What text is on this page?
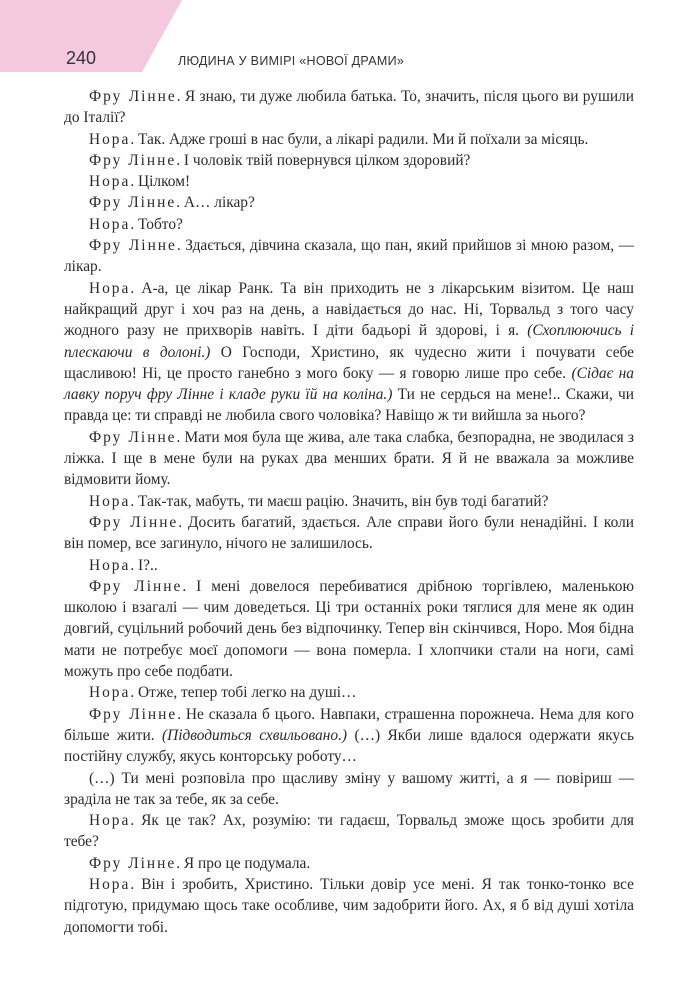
240	ЛЮДИНА У ВИМІРІ «НОВОЇ ДРАМИ»

Фру Лінне. Я знаю, ти дуже любила батька. То, значить, після цього ви рушили до Італії?

Нора. Так. Адже гроші в нас були, а лікарі радили. Ми й поїхали за місяць.

Фру Лінне. І чоловік твій повернувся цілком здоровий?

Нора. Цілком!

Фру Лінне. А… лікар?

Нора. Тобто?

Фру Лінне. Здається, дівчина сказала, що пан, який прийшов зі мною разом, — лікар.

Нора. А-а, це лікар Ранк. Та він приходить не з лікарським візитом. Це наш найкращий друг і хоч раз на день, а навідається до нас. Ні, Торвальд з того часу жодного разу не прихворів навіть. І діти бадьорі й здорові, і я. (Схоплюючись і плескаючи в долоні.) О Господи, Христино, як чудесно жити і почувати себе щасливою! Ні, це просто ганебно з мого боку — я говорю лише про себе. (Сідає на лавку поруч фру Лінне і кладе руки їй на коліна.) Ти не сердься на мене!.. Скажи, чи правда це: ти справді не любила свого чоловіка? Навіщо ж ти вийшла за нього?

Фру Лінне. Мати моя була ще жива, але така слабка, безпорадна, не зводилася з ліжка. І ще в мене були на руках два менших брати. Я й не вважала за можливе відмовити йому.

Нора. Так-так, мабуть, ти маєш рацію. Значить, він був тоді багатий?

Фру Лінне. Досить багатий, здається. Але справи його були ненадійні. І коли він помер, все загинуло, нічого не залишилось.

Нора. І?..

Фру Лінне. І мені довелося перебиватися дрібною торгівлею, маленькою школою і взагалі — чим доведеться. Ці три останніх роки тяглися для мене як один довгий, суцільний робочий день без відпочинку. Тепер він скінчився, Норо. Моя бідна мати не потребує моєї допомоги — вона померла. І хлопчики стали на ноги, самі можуть про себе подбати.

Нора. Отже, тепер тобі легко на душі…

Фру Лінне. Не сказала б цього. Навпаки, страшенна порожнеча. Нема для кого більше жити. (Підводиться схвильовано.) (…) Якби лише вдалося одержати якусь постійну службу, якусь конторську роботу…

(…) Ти мені розповіла про щасливу зміну у вашому житті, а я — повіриш — зраділа не так за тебе, як за себе.

Нора. Як це так? Ах, розумію: ти гадаєш, Торвальд зможе щось зробити для тебе?

Фру Лінне. Я про це подумала.

Нора. Він і зробить, Христино. Тільки довір усе мені. Я так тонко-тонко все підготую, придумаю щось таке особливе, чим задобрити його. Ах, я б від душі хотіла допомогти тобі.
